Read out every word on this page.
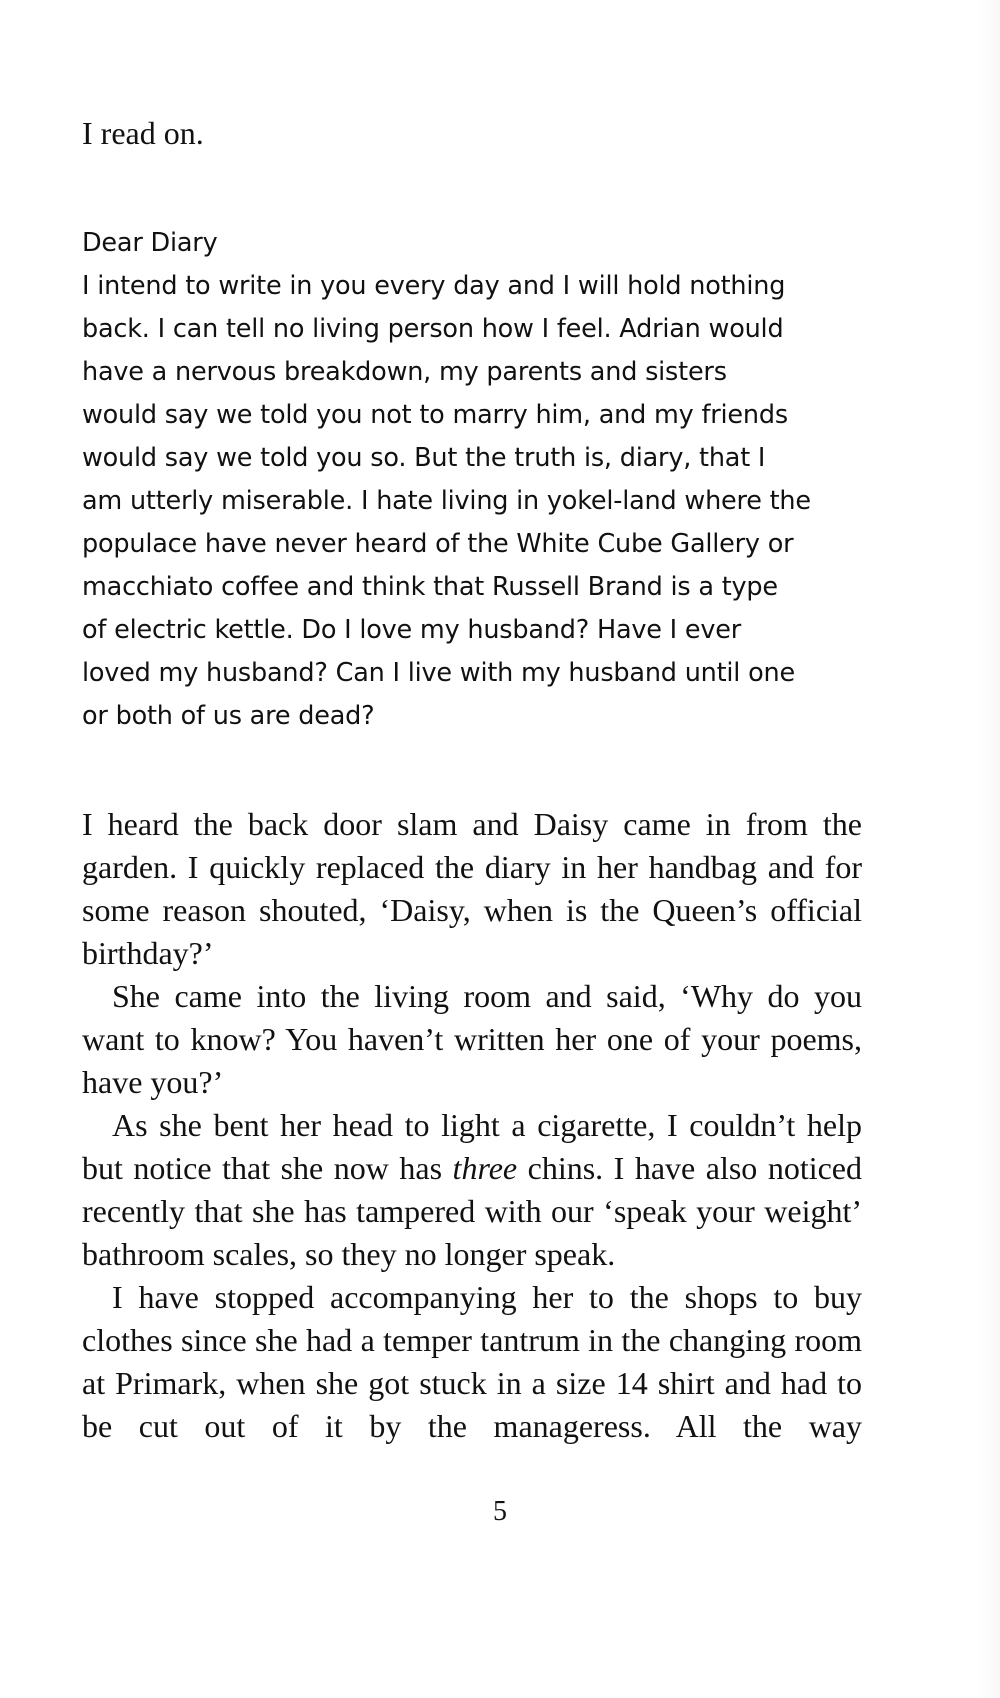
I read on.
Dear Diary
I intend to write in you every day and I will hold nothing
back. I can tell no living person how I feel. Adrian would
have a nervous breakdown, my parents and sisters
would say we told you not to marry him, and my friends
would say we told you so. But the truth is, diary, that I
am utterly miserable. I hate living in yokel-land where the
populace have never heard of the White Cube Gallery or
macchiato coffee and think that Russell Brand is a type
of electric kettle. Do I love my husband? Have I ever
loved my husband? Can I live with my husband until one
or both of us are dead?

I heard the back door slam and Daisy came in from the garden. I quickly replaced the diary in her handbag and for some reason shouted, ‘Daisy, when is the Queen’s official birthday?’

She came into the living room and said, ‘Why do you want to know? You haven’t written her one of your poems, have you?’

As she bent her head to light a cigarette, I couldn’t help but notice that she now has three chins. I have also noticed recently that she has tampered with our ‘speak your weight’ bathroom scales, so they no longer speak.

I have stopped accompanying her to the shops to buy clothes since she had a temper tantrum in the changing room at Primark, when she got stuck in a size 14 shirt and had to be cut out of it by the manageress. All the way

5
